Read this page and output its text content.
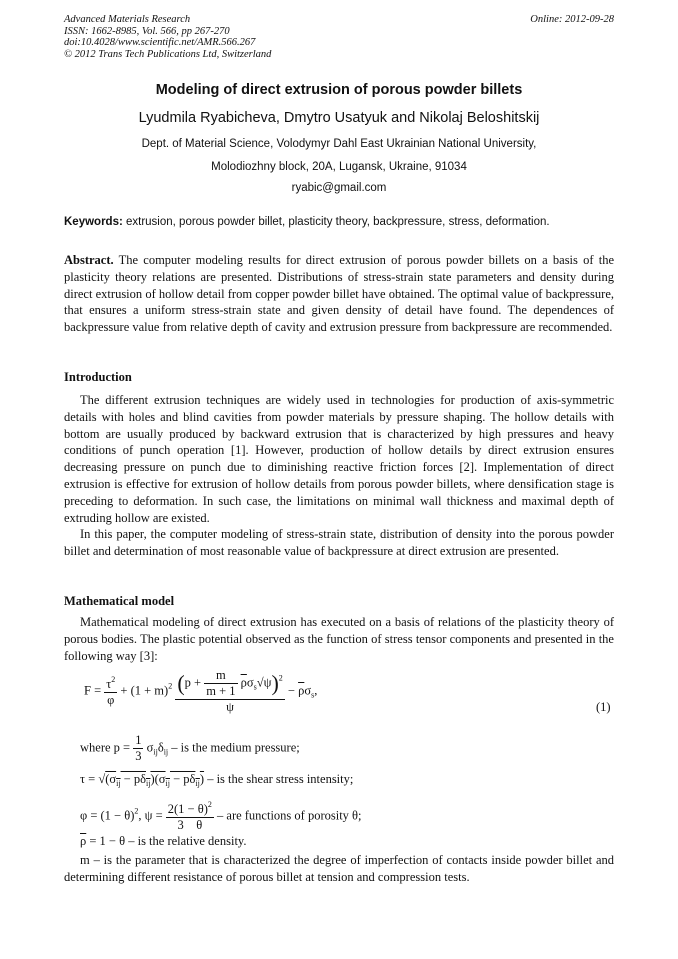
Advanced Materials Research
ISSN: 1662-8985, Vol. 566, pp 267-270
doi:10.4028/www.scientific.net/AMR.566.267
© 2012 Trans Tech Publications Ltd, Switzerland
Online: 2012-09-28
Modeling of direct extrusion of porous powder billets
Lyudmila Ryabicheva, Dmytro Usatyuk and Nikolaj Beloshitskij
Dept. of Material Science, Volodymyr Dahl East Ukrainian National University,
Molodiozhny block, 20A, Lugansk, Ukraine, 91034
ryabic@gmail.com
Keywords: extrusion, porous powder billet, plasticity theory, backpressure, stress, deformation.

Abstract. The computer modeling results for direct extrusion of porous powder billets on a basis of the plasticity theory relations are presented. Distributions of stress-strain state parameters and density during direct extrusion of hollow detail from copper powder billet have obtained. The optimal value of backpressure, that ensures a uniform stress-strain state and given density of detail have found. The dependences of backpressure value from relative depth of cavity and extrusion pressure from backpressure are recommended.

Introduction

The different extrusion techniques are widely used in technologies for production of axis-symmetric details with holes and blind cavities from powder materials by pressure shaping. The hollow details with bottom are usually produced by backward extrusion that is characterized by high pressures and heavy conditions of punch operation [1]. However, production of hollow details by direct extrusion ensures decreasing pressure on punch due to diminishing reactive friction forces [2]. Implementation of direct extrusion is effective for extrusion of hollow details from porous powder billets, where densification stage is preceding to deformation. In such case, the limitations on minimal wall thickness and maximal depth of extruding hollow are existed.

In this paper, the computer modeling of stress-strain state, distribution of density into the porous powder billet and determination of most reasonable value of backpressure at direct extrusion are presented.

Mathematical model

Mathematical modeling of direct extrusion has executed on a basis of relations of the plasticity theory of porous bodies. The plastic potential observed as the function of stress tensor components and presented in the following way [3]:

$F = \frac{\tau^2}{\varphi} + (1 + m)^2 \frac{(p + \frac{m}{m + 1} \overline{\rho}\sigma_s√\psi)^2}{\psi} - \overline{\rho}\sigma_s$,
(1)
where $p = \frac{1}{3} \sigma_{ij}\delta_{ij}$ – is the medium pressure;
$\tau = √(\sigma_{ij} - p\delta_{ij})(\sigma_{ij} - p\delta_{ij})$ – is the shear stress intensity;
$\varphi = (1 - \theta)^2$, $\psi = \frac{2(1 - \theta)^2}{3 \theta}$ – are functions of porosity θ;
$\overline{\rho} = 1 - \theta$ – is the relative density.

m – is the parameter that is characterized the degree of imperfection of contacts inside powder billet and determining different resistance of porous billet at tension and compression tests.
